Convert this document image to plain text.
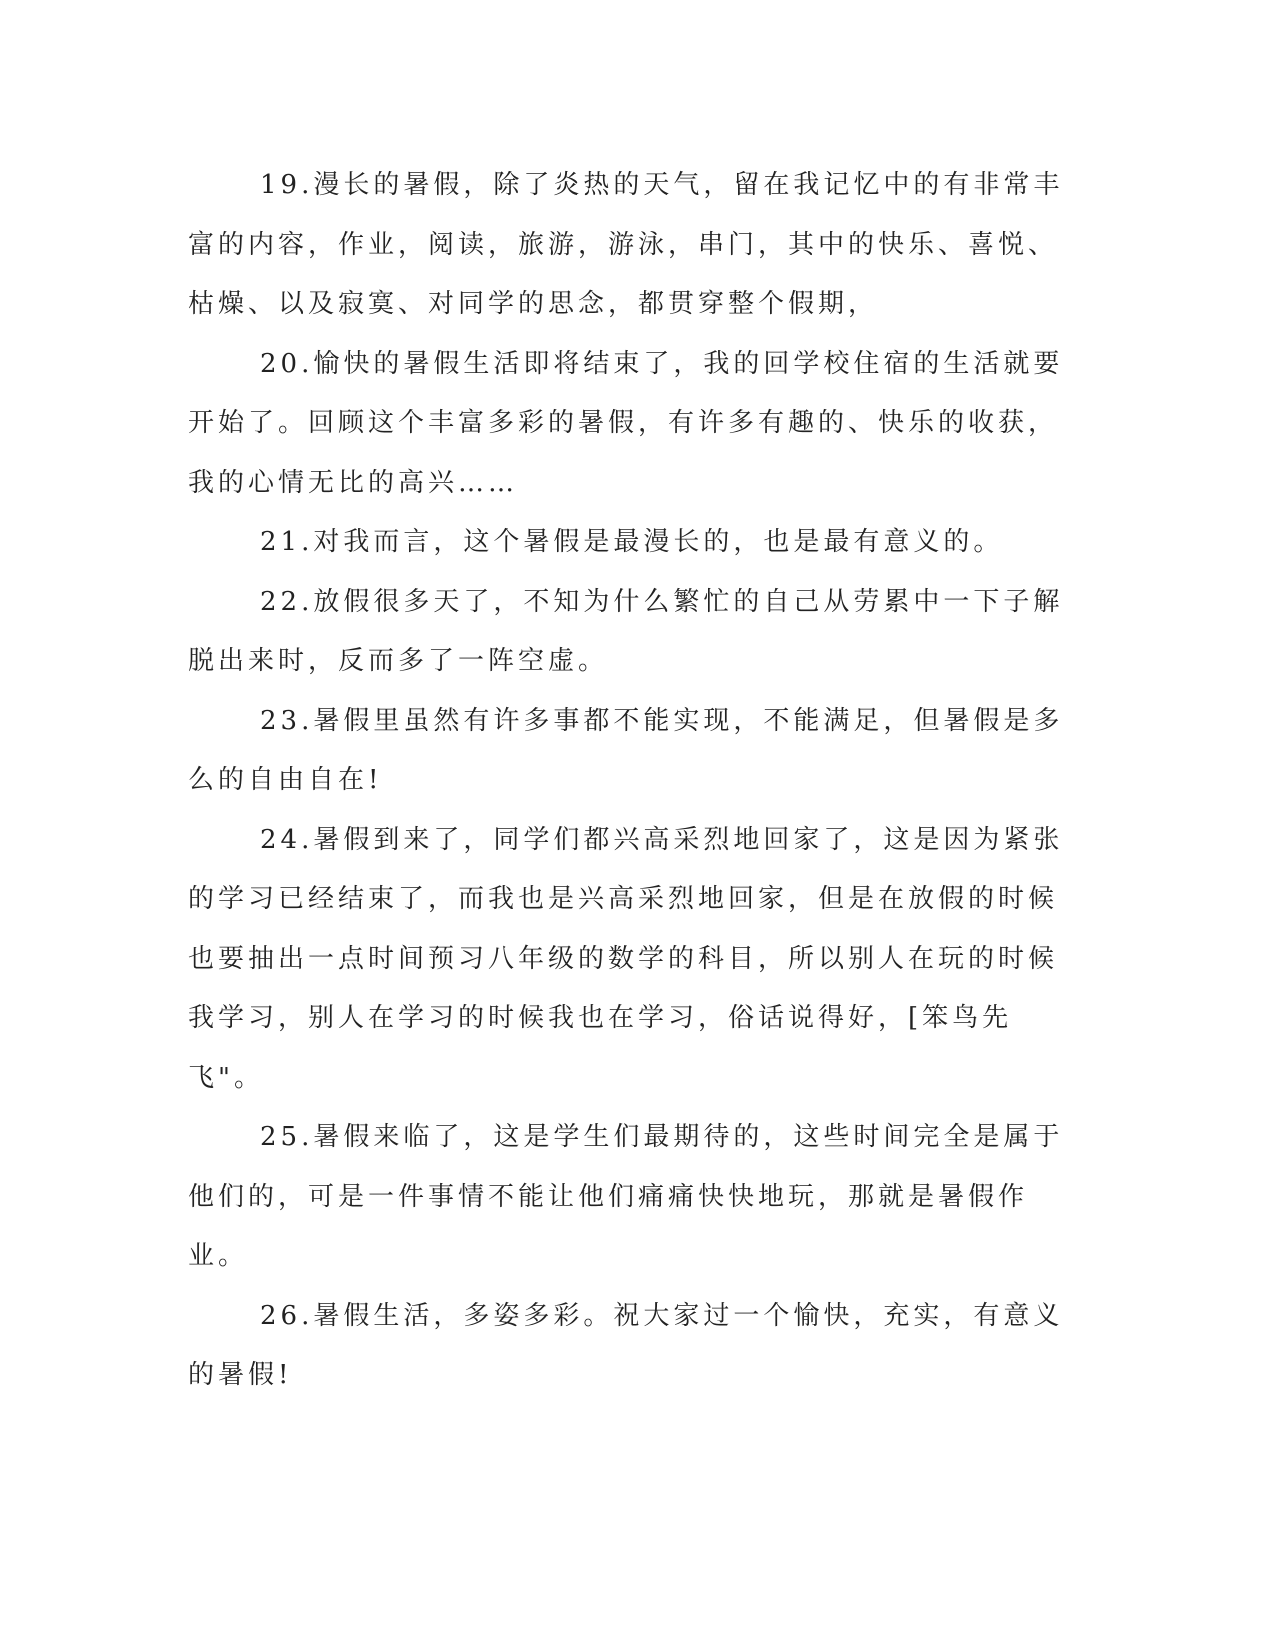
19.漫长的暑假，除了炎热的天气，留在我记忆中的有非常丰富的内容，作业，阅读，旅游，游泳，串门，其中的快乐、喜悦、枯燥、以及寂寞、对同学的思念，都贯穿整个假期，

20.愉快的暑假生活即将结束了，我的回学校住宿的生活就要开始了。回顾这个丰富多彩的暑假，有许多有趣的、快乐的收获，我的心情无比的高兴……

21.对我而言，这个暑假是最漫长的，也是最有意义的。

22.放假很多天了，不知为什么繁忙的自己从劳累中一下子解脱出来时，反而多了一阵空虚。

23.暑假里虽然有许多事都不能实现，不能满足，但暑假是多么的自由自在!

24.暑假到来了，同学们都兴高采烈地回家了，这是因为紧张的学习已经结束了，而我也是兴高采烈地回家，但是在放假的时候也要抽出一点时间预习八年级的数学的科目，所以别人在玩的时候我学习，别人在学习的时候我也在学习，俗话说得好，[笨鸟先飞"。

25.暑假来临了，这是学生们最期待的，这些时间完全是属于他们的，可是一件事情不能让他们痛痛快快地玩，那就是暑假作业。

26.暑假生活，多姿多彩。祝大家过一个愉快，充实，有意义的暑假!
